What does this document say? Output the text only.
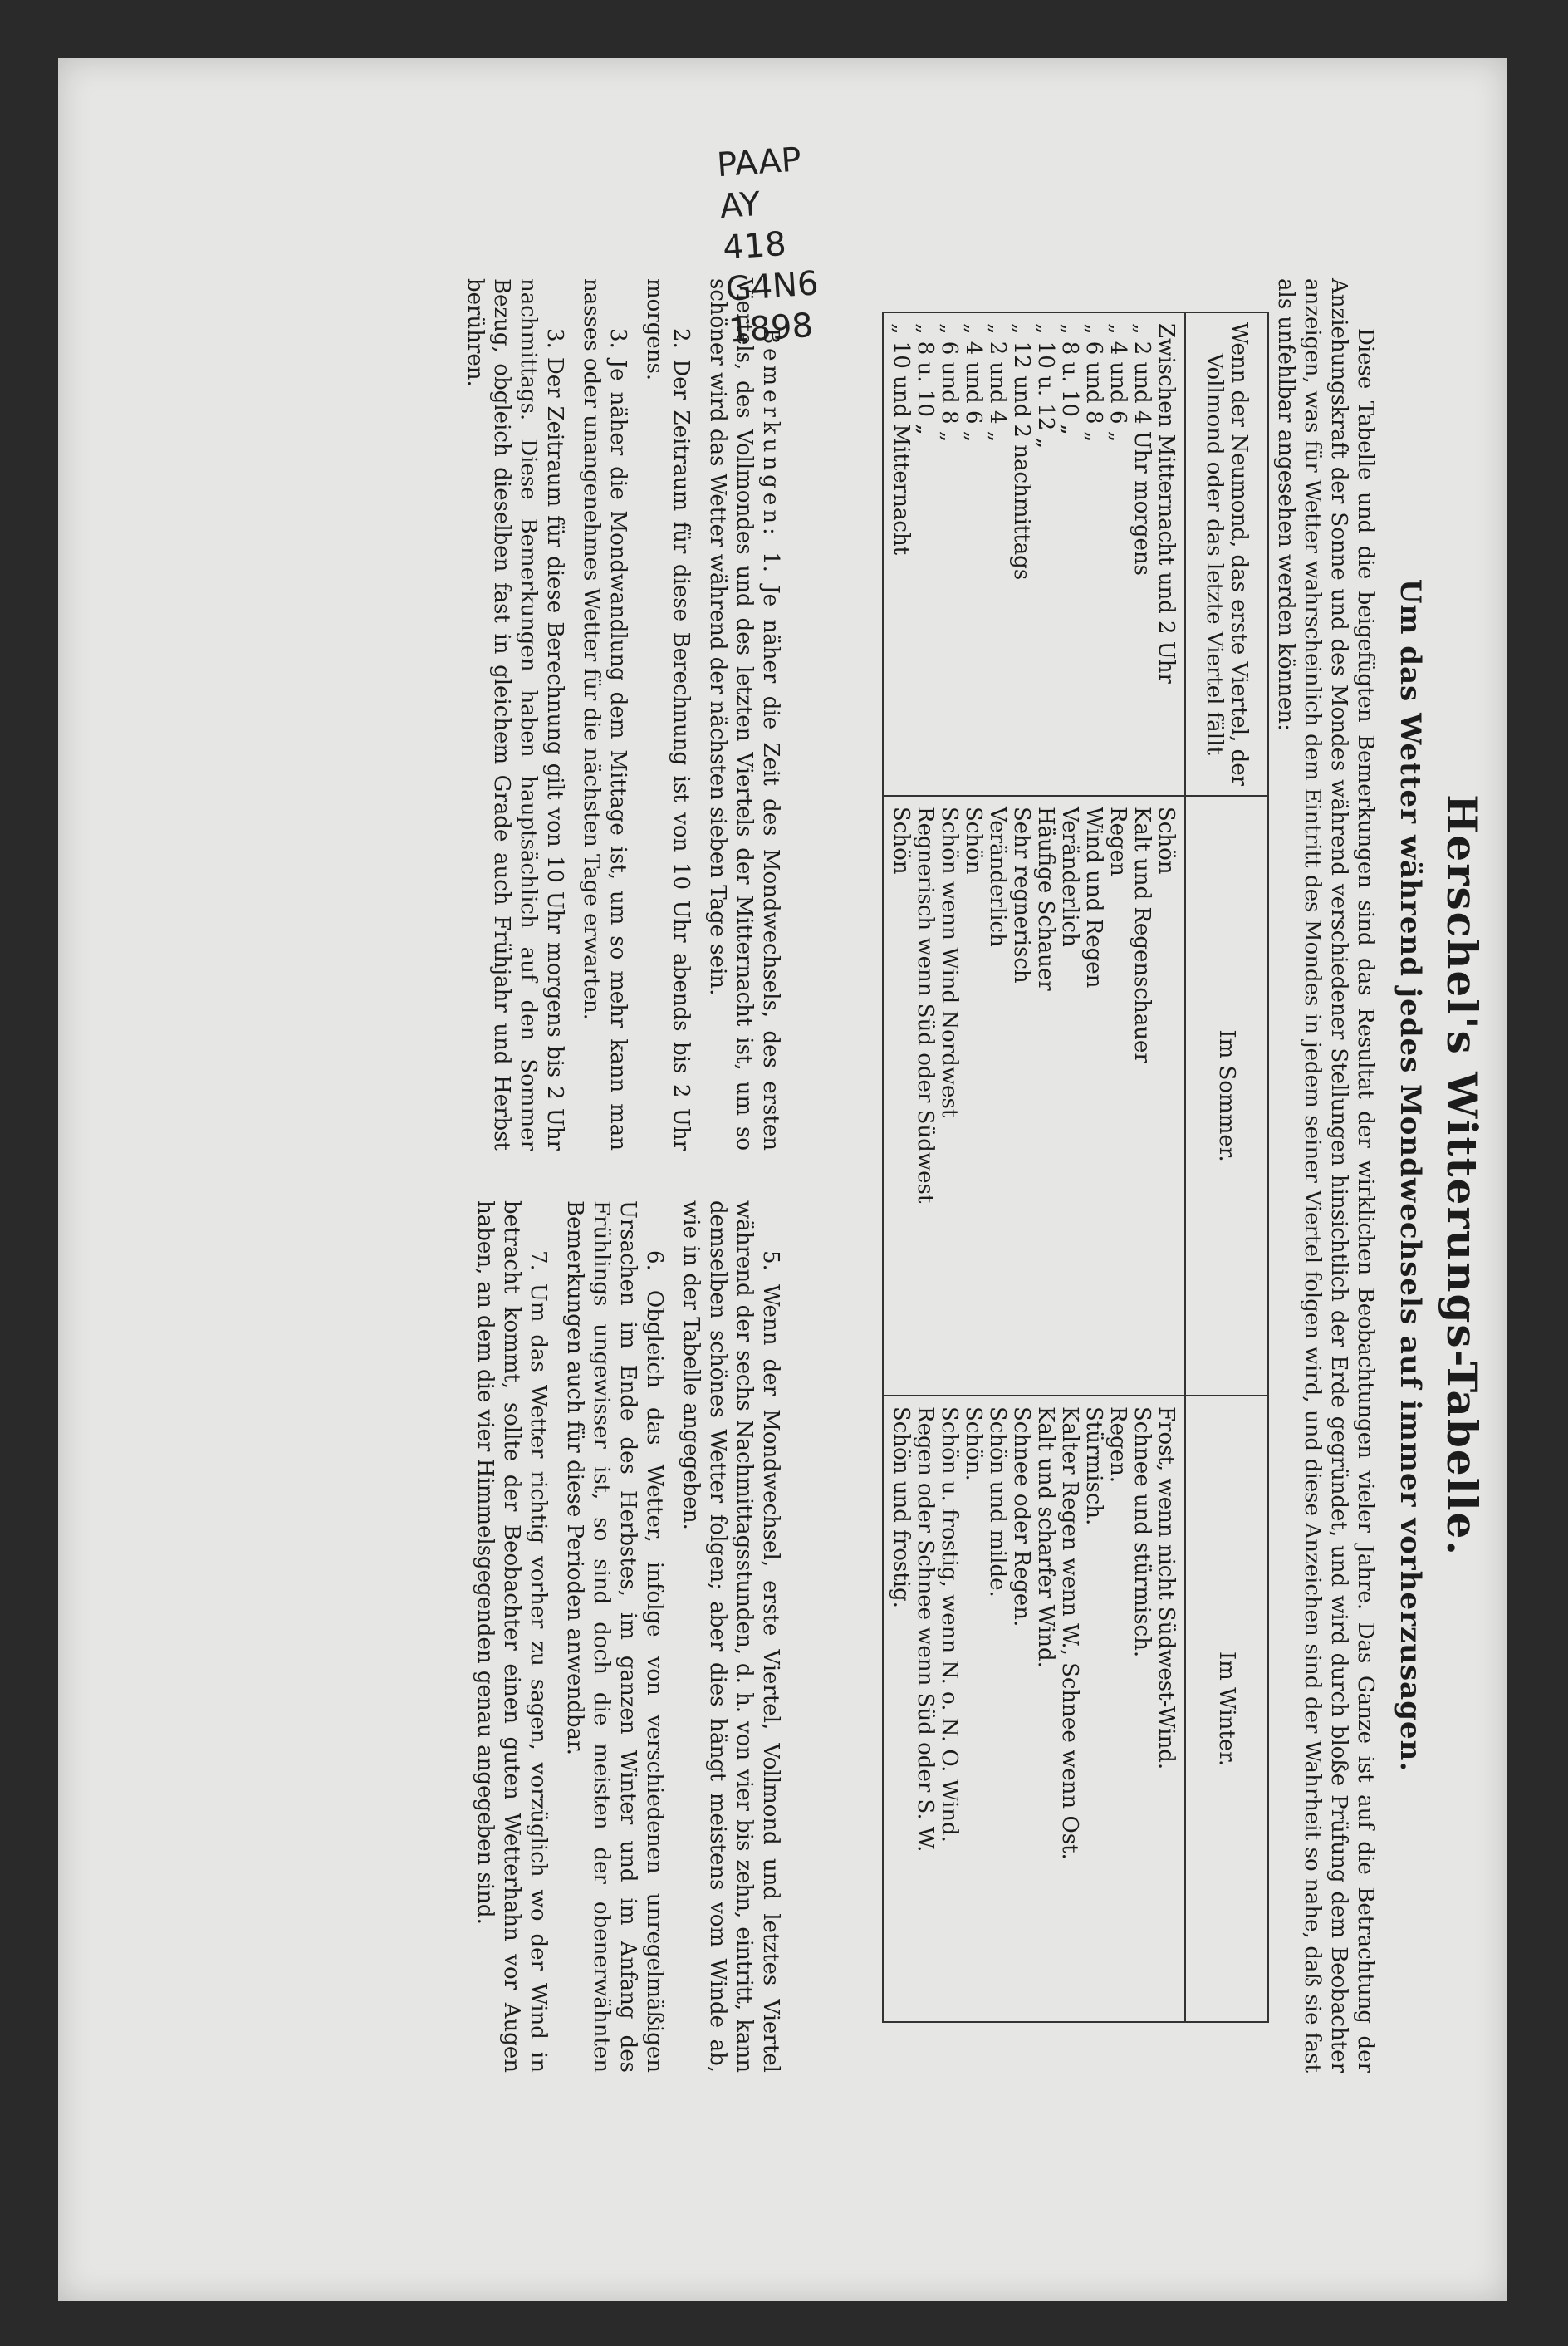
PAAP
AY
418
G4N6
1898
Herschel's Witterungs-Tabelle.
Um das Wetter während jedes Mondwechsels auf immer vorherzusagen.
Diese Tabelle und die beigefügten Bemerkungen sind das Resultat der wirklichen Beobachtungen vieler Jahre. Das Ganze ist auf die Betrachtung der Anziehungskraft der Sonne und des Mondes während verschiedener Stellungen hinsichtlich der Erde gegründet, und wird durch bloße Prüfung dem Beobachter anzeigen, was für Wetter wahrscheinlich dem Eintritt des Mondes in jedem seiner Viertel folgen wird, und diese Anzeichen sind der Wahrheit so nahe, daß sie fast als unfehlbar angesehen werden können:
Wenn der Neumond, das erste Viertel, der Vollmond oder das letzte Viertel fällt	Im Sommer.	Im Winter.
Zwischen Mitternacht und 2 Uhr	Schön	Frost, wenn nicht Südwest-Wind.
„ 2 und 4 Uhr morgens	Kalt und Regenschauer	Schnee und stürmisch.
„ 4 und 6 „	Regen	Regen.
„ 6 und 8 „	Wind und Regen	Stürmisch.
„ 8 u. 10 „	Veränderlich	Kalter Regen wenn W., Schnee wenn Ost.
„ 10 u. 12 „	Häufige Schauer	Kalt und scharfer Wind.
„ 12 und 2 nachmittags	Sehr regnerisch	Schnee oder Regen.
„ 2 und 4 „	Veränderlich	Schön und milde.
„ 4 und 6 „	Schön	Schön.
„ 6 und 8 „	Schön wenn Wind Nordwest	Schön u. frostig, wenn N. o. N. O. Wind.
„ 8 u. 10 „	Regnerisch wenn Süd oder Südwest	Regen oder Schnee wenn Süd oder S. W.
„ 10 und Mitternacht	Schön	Schön und frostig.

Bemerkungen: 1. Je näher die Zeit des Mondwechsels, des ersten Viertels, des Vollmondes und des letzten Viertels der Mitternacht ist, um so schöner wird das Wetter während der nächsten sieben Tage sein.

2. Der Zeitraum für diese Berechnung ist von 10 Uhr abends bis 2 Uhr morgens.

3. Je näher die Mondwandlung dem Mittage ist, um so mehr kann man nasses oder unangenehmes Wetter für die nächsten Tage erwarten.

3. Der Zeitraum für diese Berechnung gilt von 10 Uhr morgens bis 2 Uhr nachmittags. Diese Bemerkungen haben hauptsächlich auf den Sommer Bezug, obgleich dieselben fast in gleichem Grade auch Frühjahr und Herbst berühren.

5. Wenn der Mondwechsel, erste Viertel, Vollmond und letztes Viertel während der sechs Nachmittagsstunden, d. h. von vier bis zehn, eintritt, kann demselben schönes Wetter folgen; aber dies hängt meistens vom Winde ab, wie in der Tabelle angegeben.

6. Obgleich das Wetter, infolge von verschiedenen unregelmäßigen Ursachen im Ende des Herbstes, im ganzen Winter und im Anfang des Frühlings ungewisser ist, so sind doch die meisten der obenerwähnten Bemerkungen auch für diese Perioden anwendbar.

7. Um das Wetter richtig vorher zu sagen, vorzüglich wo der Wind in betracht kommt, sollte der Beobachter einen guten Wetterhahn vor Augen haben, an dem die vier Himmelsgegenden genau angegeben sind.
